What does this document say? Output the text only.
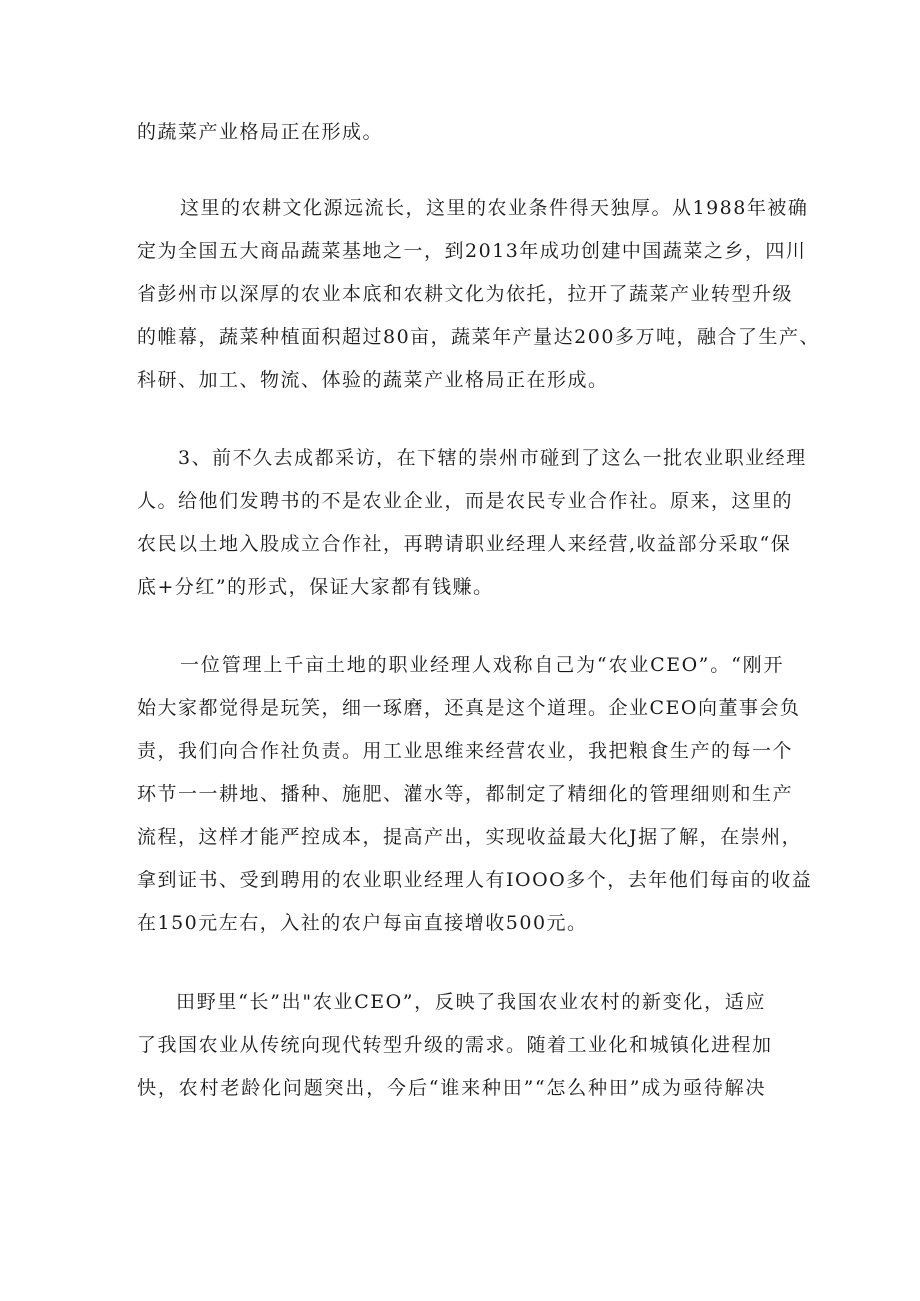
的蔬菜产业格局正在形成。

这里的农耕文化源远流长，这里的农业条件得天独厚。从1988年被确

定为全国五大商品蔬菜基地之一，到2013年成功创建中国蔬菜之乡，四川

省彭州市以深厚的农业本底和农耕文化为依托，拉开了蔬菜产业转型升级

的帷幕，蔬菜种植面积超过80亩，蔬菜年产量达200多万吨，融合了生产、

科研、加工、物流、体验的蔬菜产业格局正在形成。

3、前不久去成都采访，在下辖的崇州市碰到了这么一批农业职业经理

人。给他们发聘书的不是农业企业，而是农民专业合作社。原来，这里的

农民以土地入股成立合作社，再聘请职业经理人来经营,收益部分采取“保

底+分红”的形式，保证大家都有钱赚。

一位管理上千亩土地的职业经理人戏称自己为“农业CEO”。“刚开

始大家都觉得是玩笑，细一琢磨，还真是这个道理。企业CEO向董事会负

责，我们向合作社负责。用工业思维来经营农业，我把粮食生产的每一个

环节一一耕地、播种、施肥、灌水等，都制定了精细化的管理细则和生产

流程，这样才能严控成本，提高产出，实现收益最大化J据了解，在崇州，

拿到证书、受到聘用的农业职业经理人有IOOO多个，去年他们每亩的收益

在150元左右，入社的农户每亩直接增收500元。

田野里“长”出"农业CEO”，反映了我国农业农村的新变化，适应

了我国农业从传统向现代转型升级的需求。随着工业化和城镇化进程加

快，农村老龄化问题突出，今后“谁来种田”“怎么种田”成为亟待解决
